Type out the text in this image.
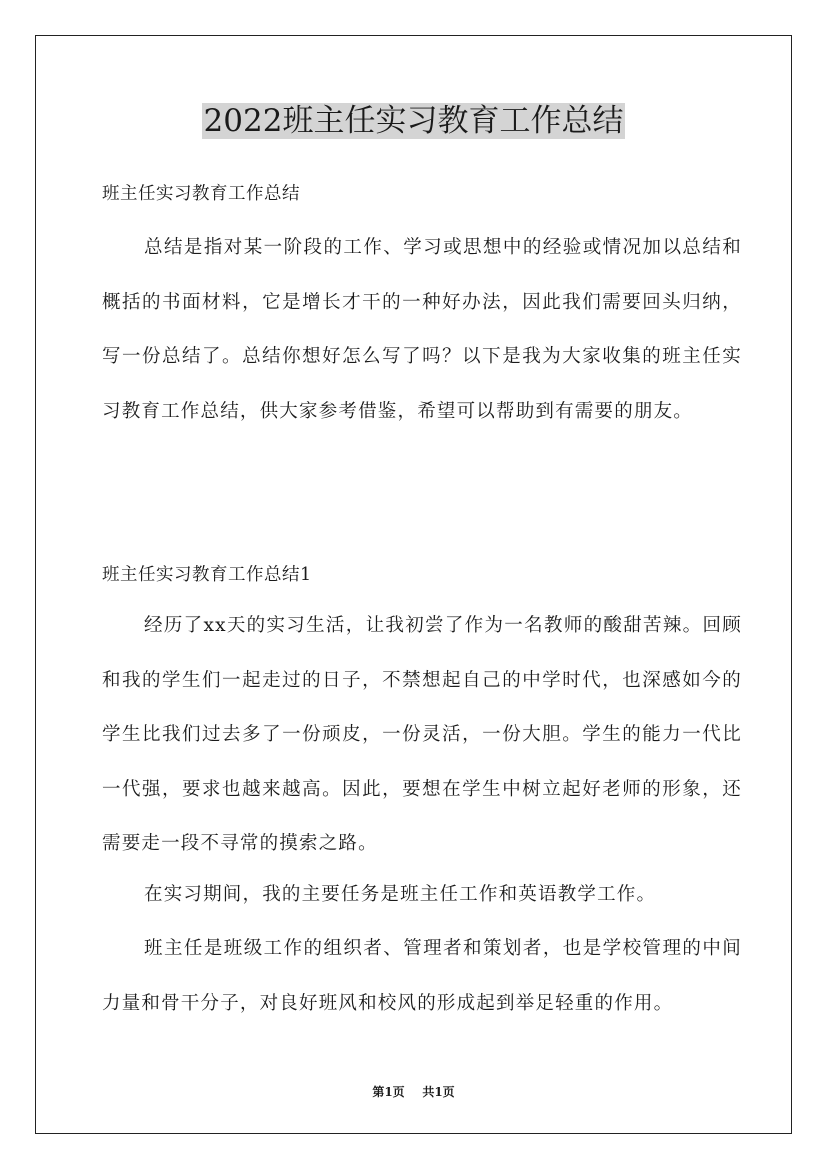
2022班主任实习教育工作总结
班主任实习教育工作总结

总结是指对某一阶段的工作、学习或思想中的经验或情况加以总结和概括的书面材料，它是增长才干的一种好办法，因此我们需要回头归纳，写一份总结了。总结你想好怎么写了吗？以下是我为大家收集的班主任实习教育工作总结，供大家参考借鉴，希望可以帮助到有需要的朋友。

班主任实习教育工作总结1

经历了xx天的实习生活，让我初尝了作为一名教师的酸甜苦辣。回顾和我的学生们一起走过的日子，不禁想起自己的中学时代，也深感如今的学生比我们过去多了一份顽皮，一份灵活，一份大胆。学生的能力一代比一代强，要求也越来越高。因此，要想在学生中树立起好老师的形象，还需要走一段不寻常的摸索之路。

在实习期间，我的主要任务是班主任工作和英语教学工作。

班主任是班级工作的组织者、管理者和策划者，也是学校管理的中间力量和骨干分子，对良好班风和校风的形成起到举足轻重的作用。

第1页 共1页
